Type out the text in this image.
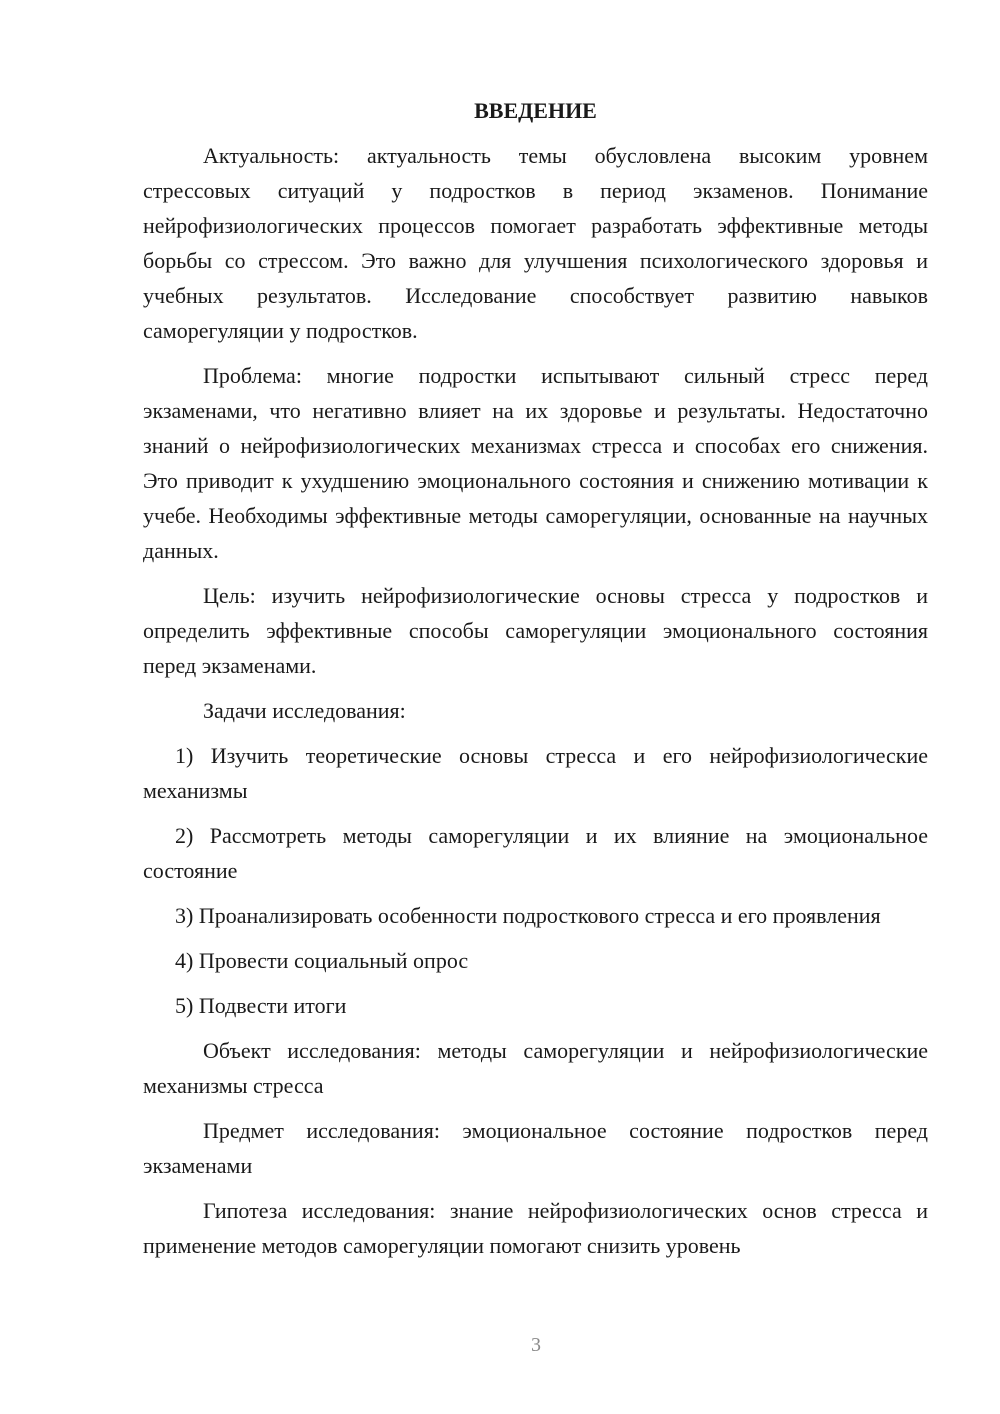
ВВЕДЕНИЕ

Актуальность: актуальность темы обусловлена высоким уровнем стрессовых ситуаций у подростков в период экзаменов. Понимание нейрофизиологических процессов помогает разработать эффективные методы борьбы со стрессом. Это важно для улучшения психологического здоровья и учебных результатов. Исследование способствует развитию навыков саморегуляции у подростков.

Проблема: многие подростки испытывают сильный стресс перед экзаменами, что негативно влияет на их здоровье и результаты. Недостаточно знаний о нейрофизиологических механизмах стресса и способах его снижения. Это приводит к ухудшению эмоционального состояния и снижению мотивации к учебе. Необходимы эффективные методы саморегуляции, основанные на научных данных.

Цель: изучить нейрофизиологические основы стресса у подростков и определить эффективные способы саморегуляции эмоционального состояния перед экзаменами.

Задачи исследования:

1) Изучить теоретические основы стресса и его нейрофизиологические механизмы

2) Рассмотреть методы саморегуляции и их влияние на эмоциональное состояние

3) Проанализировать особенности подросткового стресса и его проявления

4) Провести социальный опрос

5) Подвести итоги

Объект исследования: методы саморегуляции и нейрофизиологические механизмы стресса

Предмет исследования: эмоциональное состояние подростков перед экзаменами

Гипотеза исследования: знание нейрофизиологических основ стресса и применение методов саморегуляции помогают снизить уровень

3
